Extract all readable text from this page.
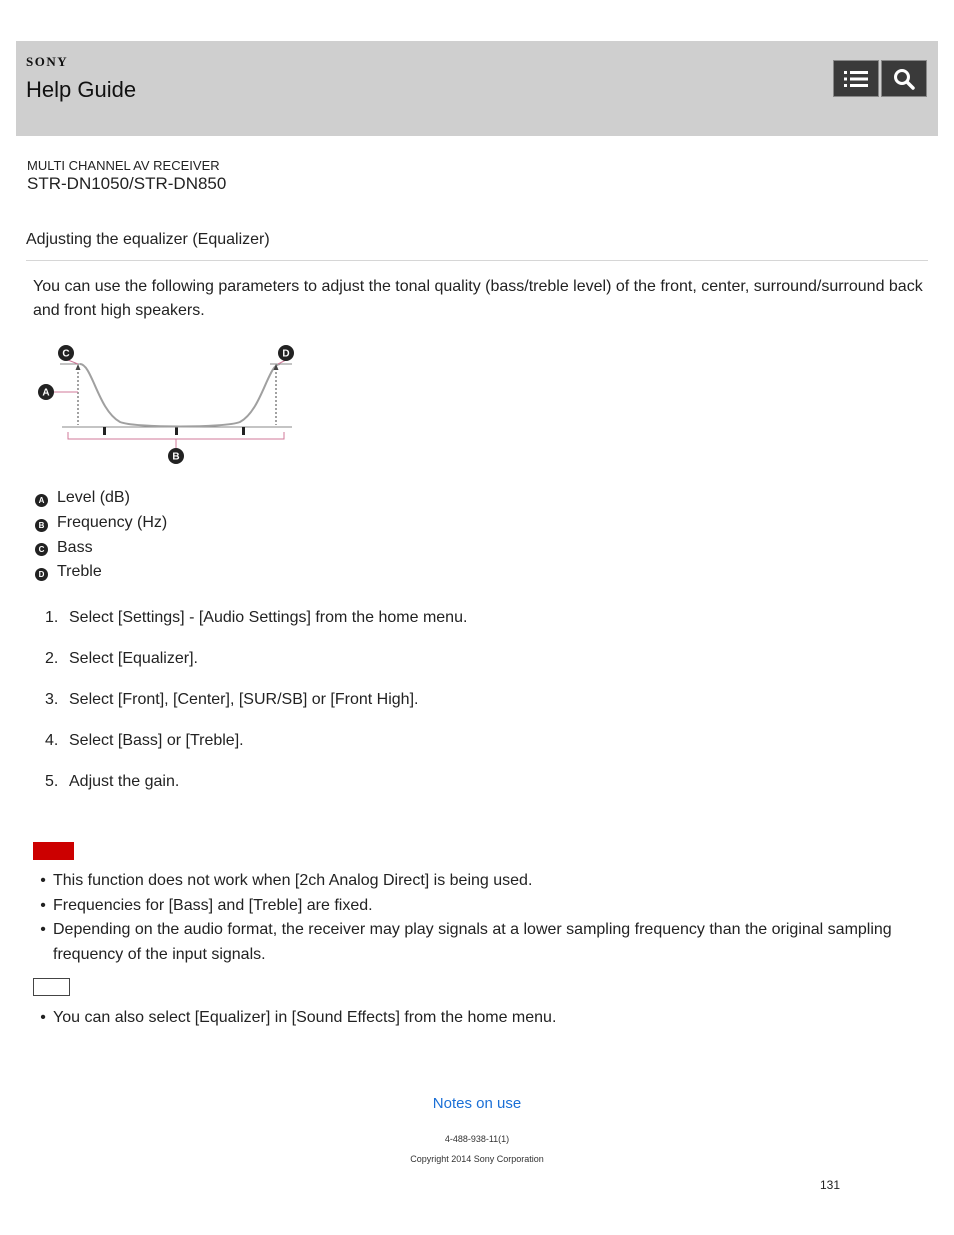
SONY
Help Guide
MULTI CHANNEL AV RECEIVER
STR-DN1050/STR-DN850
Adjusting the equalizer (Equalizer)
You can use the following parameters to adjust the tonal quality (bass/treble level) of the front, center, surround/surround back and front high speakers.
A
B
C	D
A Level (dB)
B Frequency (Hz)
C Bass
D Treble
1. Select [Settings] - [Audio Settings] from the home menu.
2. Select [Equalizer].
3. Select [Front], [Center], [SUR/SB] or [Front High].
4. Select [Bass] or [Treble].
5. Adjust the gain.
• This function does not work when [2ch Analog Direct] is being used.
• Frequencies for [Bass] and [Treble] are fixed.
• Depending on the audio format, the receiver may play signals at a lower sampling frequency than the original sampling frequency of the input signals.
• You can also select [Equalizer] in [Sound Effects] from the home menu.
Notes on use
4-488-938-11(1)
Copyright 2014 Sony Corporation
131
